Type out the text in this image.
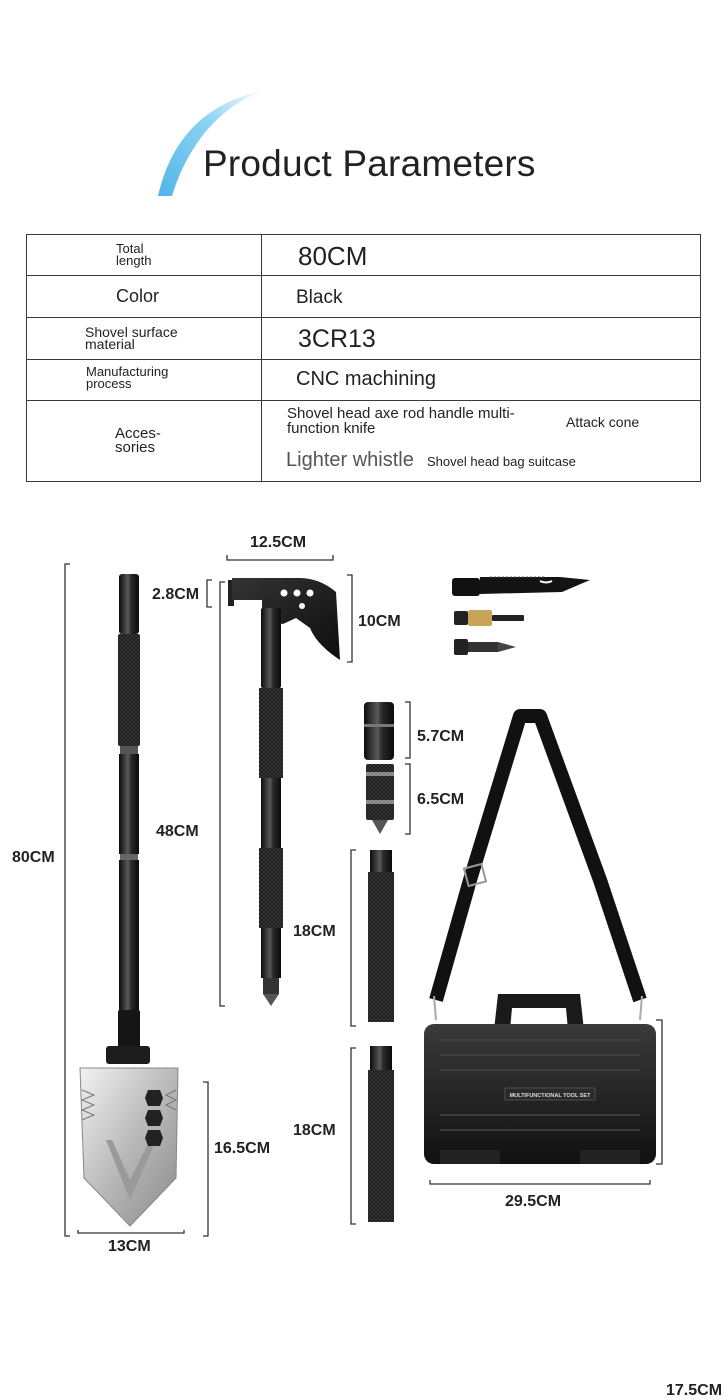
Product Parameters
Total
length	80CM

Color	Black

Shovel surface
material	3CR13

Manufacturing
process	CNC machining

Acces-
sories	Shovel head axe rod handle multi-
function knife Attack cone
Lighter whistle Shovel head bag suitcase
MULTIFUNCTIONAL TOOL SET
12.5CM
2.8CM
10CM
80CM
48CM
5.7CM
6.5CM
18CM
18CM
16.5CM
13CM
17.5CM
29.5CM
